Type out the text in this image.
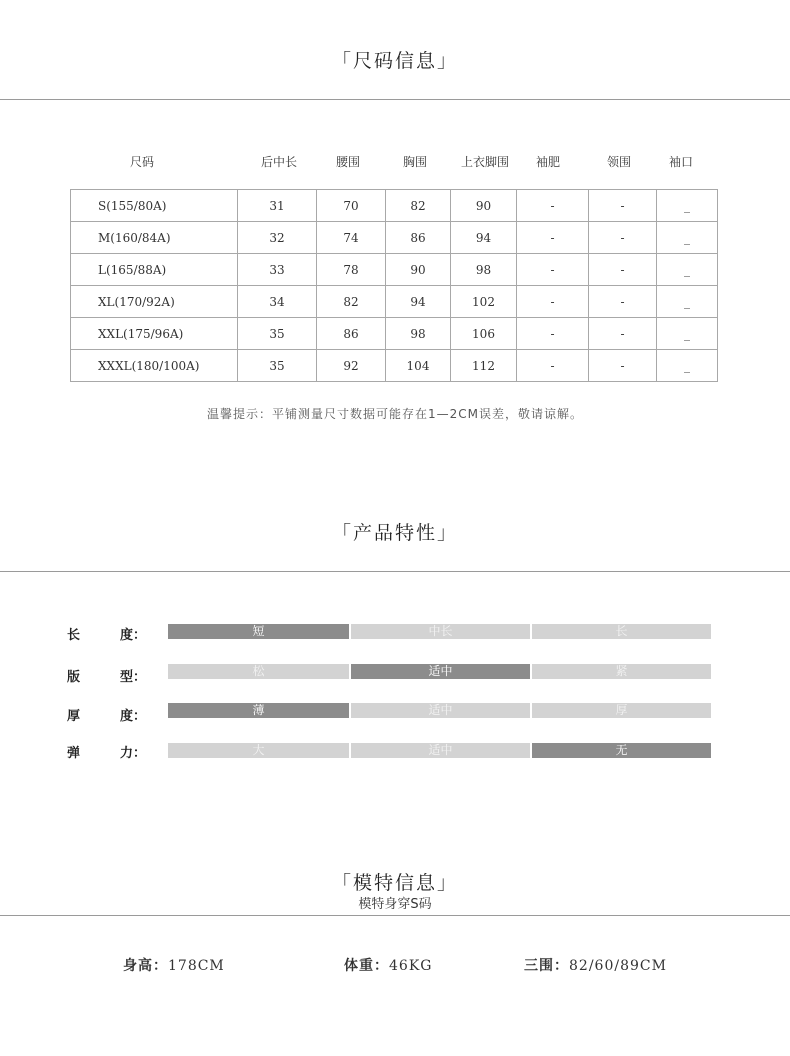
「尺码信息」
尺码	后中长	腰围	胸围	上衣脚围	袖肥	领围	袖口
S(155/80A)	31	70	82	90	-	-	_
M(160/84A)	32	74	86	94	-	-	_
L(165/88A)	33	78	90	98	-	-	_
XL(170/92A)	34	82	94	102	-	-	_
XXL(175/96A)	35	86	98	106	-	-	_
XXXL(180/100A)	35	92	104	112	-	-	_
温馨提示：平铺测量尺寸数据可能存在1—2CM误差，敬请谅解。
「产品特性」
长	度：	短	中长	长
版	型：	松	适中	紧
厚	度：	薄	适中	厚
弹	力：	大	适中	无
「模特信息」
模特身穿S码
身高：178CM	体重：46KG	三围：82/60/89CM
